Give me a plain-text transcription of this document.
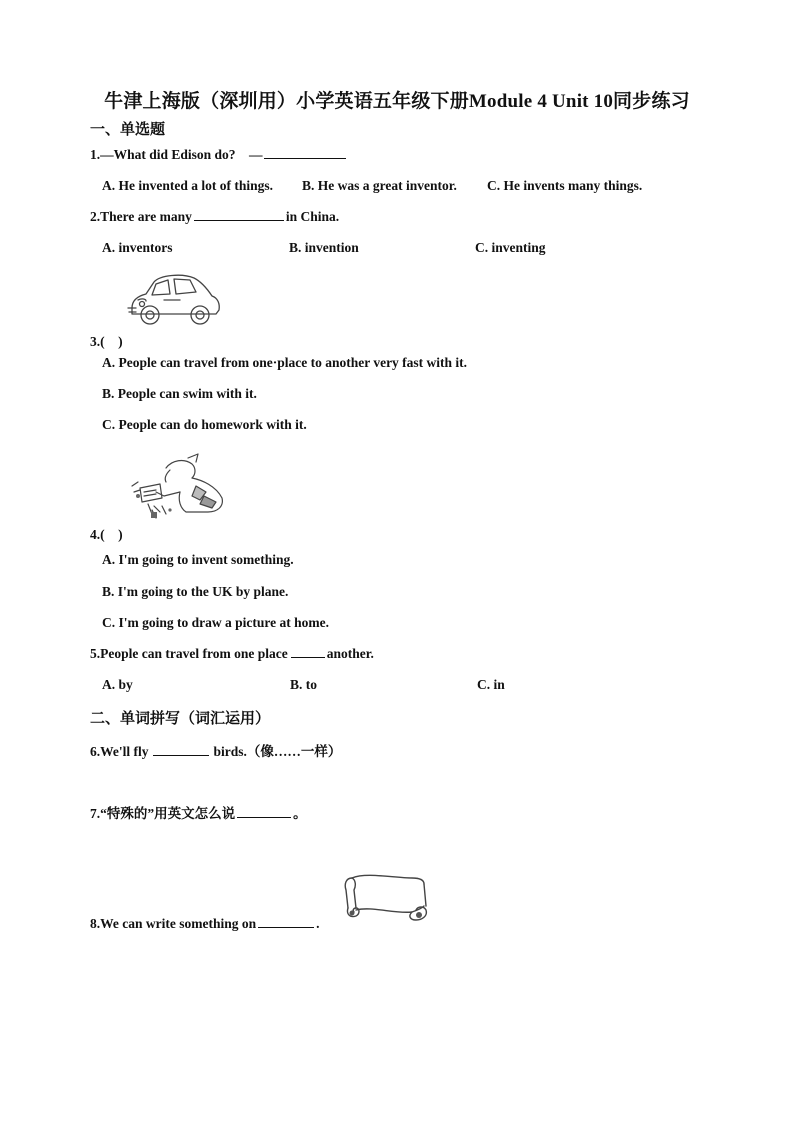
牛津上海版（深圳用）小学英语五年级下册Module 4 Unit 10同步练习
一、单选题
1.—What did Edison do? —
A. He invented a lot of things. B. He was a great inventor. C. He invents many things.
2.There are many	in China.
A. inventors	B. invention	C. inventing
3.(　)
A. People can travel from one·place to another very fast with it.
B. People can swim with it.
C. People can do homework with it.
4.(　)
A. I'm going to invent something.
B. I'm going to the UK by plane.
C. I'm going to draw a picture at home.
5.People can travel from one place	another.
A. by	B. to	C. in
二、单词拼写（词汇运用）
6.We'll fly	birds.（像……一样）
7.“特殊的”用英文怎么说	。
8.We can write something on	.
